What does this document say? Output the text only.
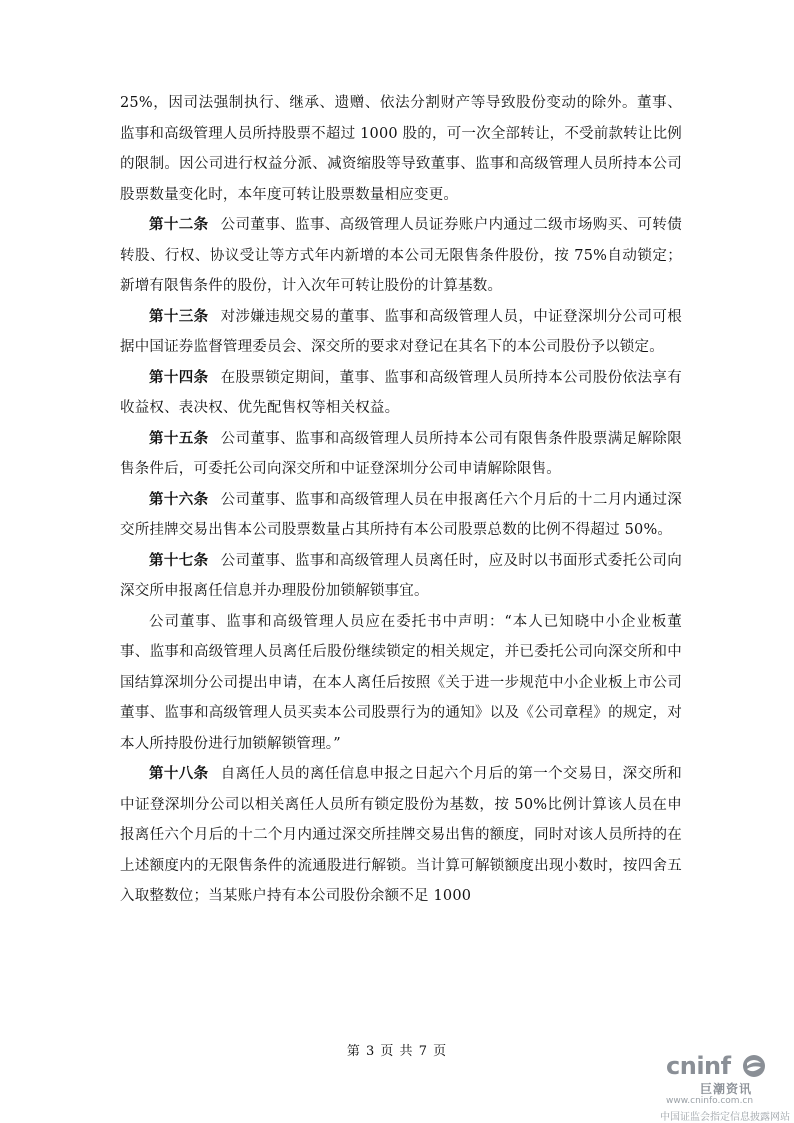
25%，因司法强制执行、继承、遗赠、依法分割财产等导致股份变动的除外。董事、监事和高级管理人员所持股票不超过 1000 股的，可一次全部转让，不受前款转让比例的限制。因公司进行权益分派、减资缩股等导致董事、监事和高级管理人员所持本公司股票数量变化时，本年度可转让股票数量相应变更。

第十二条 公司董事、监事、高级管理人员证券账户内通过二级市场购买、可转债转股、行权、协议受让等方式年内新增的本公司无限售条件股份，按 75%自动锁定；新增有限售条件的股份，计入次年可转让股份的计算基数。

第十三条 对涉嫌违规交易的董事、监事和高级管理人员，中证登深圳分公司可根据中国证券监督管理委员会、深交所的要求对登记在其名下的本公司股份予以锁定。

第十四条 在股票锁定期间，董事、监事和高级管理人员所持本公司股份依法享有收益权、表决权、优先配售权等相关权益。

第十五条 公司董事、监事和高级管理人员所持本公司有限售条件股票满足解除限售条件后，可委托公司向深交所和中证登深圳分公司申请解除限售。

第十六条 公司董事、监事和高级管理人员在申报离任六个月后的十二月内通过深交所挂牌交易出售本公司股票数量占其所持有本公司股票总数的比例不得超过 50%。

第十七条 公司董事、监事和高级管理人员离任时，应及时以书面形式委托公司向深交所申报离任信息并办理股份加锁解锁事宜。

公司董事、监事和高级管理人员应在委托书中声明：“本人已知晓中小企业板董事、监事和高级管理人员离任后股份继续锁定的相关规定，并已委托公司向深交所和中国结算深圳分公司提出申请，在本人离任后按照《关于进一步规范中小企业板上市公司董事、监事和高级管理人员买卖本公司股票行为的通知》以及《公司章程》的规定，对本人所持股份进行加锁解锁管理。”

第十八条 自离任人员的离任信息申报之日起六个月后的第一个交易日，深交所和中证登深圳分公司以相关离任人员所有锁定股份为基数，按 50%比例计算该人员在申报离任六个月后的十二个月内通过深交所挂牌交易出售的额度，同时对该人员所持的在上述额度内的无限售条件的流通股进行解锁。当计算可解锁额度出现小数时，按四舍五入取整数位；当某账户持有本公司股份余额不足 1000

第 3 页 共 7 页
cninf
巨潮资讯
www.cninfo.com.cn
中国证监会指定信息披露网站
